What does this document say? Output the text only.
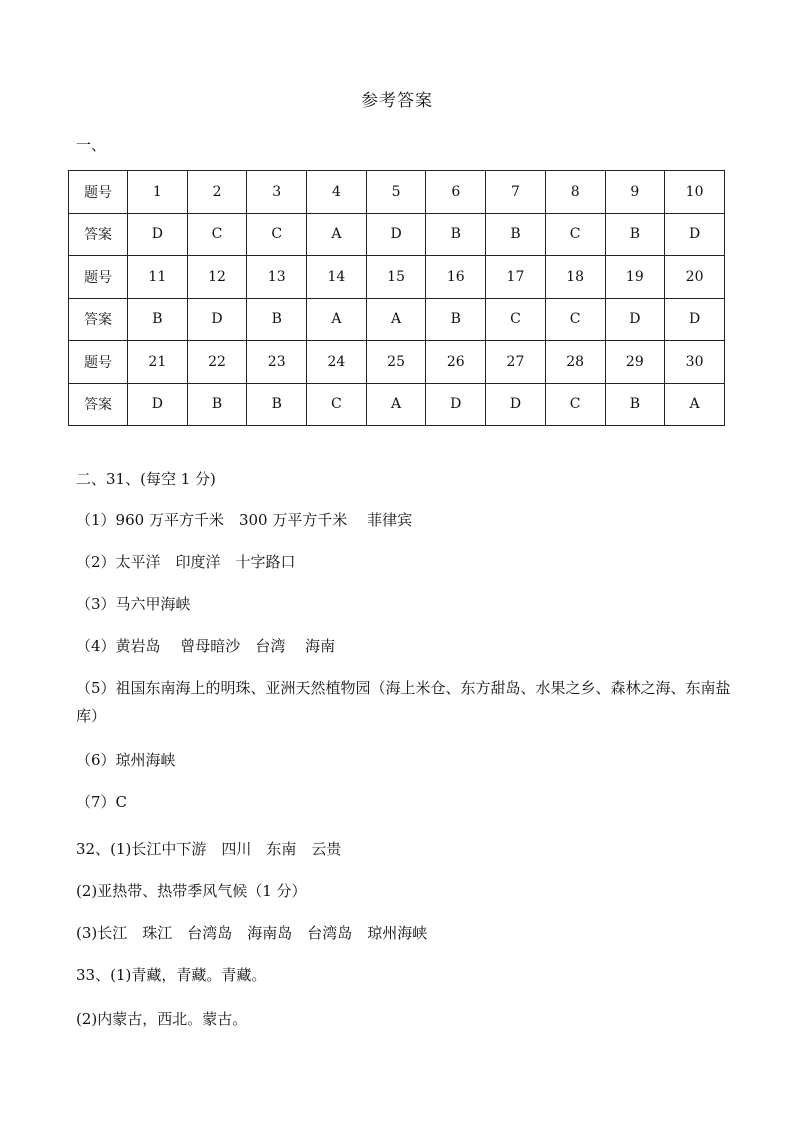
参考答案
一、
题号	1	2	3	4	5	6	7	8	9	10
答案	D	C	C	A	D	B	B	C	B	D
题号	11	12	13	14	15	16	17	18	19	20
答案	B	D	B	A	A	B	C	C	D	D
题号	21	22	23	24	25	26	27	28	29	30
答案	D	B	B	C	A	D	D	C	B	A
二、31、(每空 1 分)
（1）960 万平方千米　300 万平方千米　 菲律宾
（2）太平洋　印度洋　十字路口
（3）马六甲海峡
（4）黄岩岛　 曾母暗沙　台湾　 海南
（5）祖国东南海上的明珠、亚洲天然植物园（海上米仓、东方甜岛、水果之乡、森林之海、东南盐库）
（6）琼州海峡
（7）C
32、(1)长江中下游　四川　东南　云贵
(2)亚热带、热带季风气候（1 分）
(3)长江　珠江　台湾岛　海南岛　台湾岛　琼州海峡
33、(1)青藏，青藏。青藏。
(2)内蒙古，西北。蒙古。
